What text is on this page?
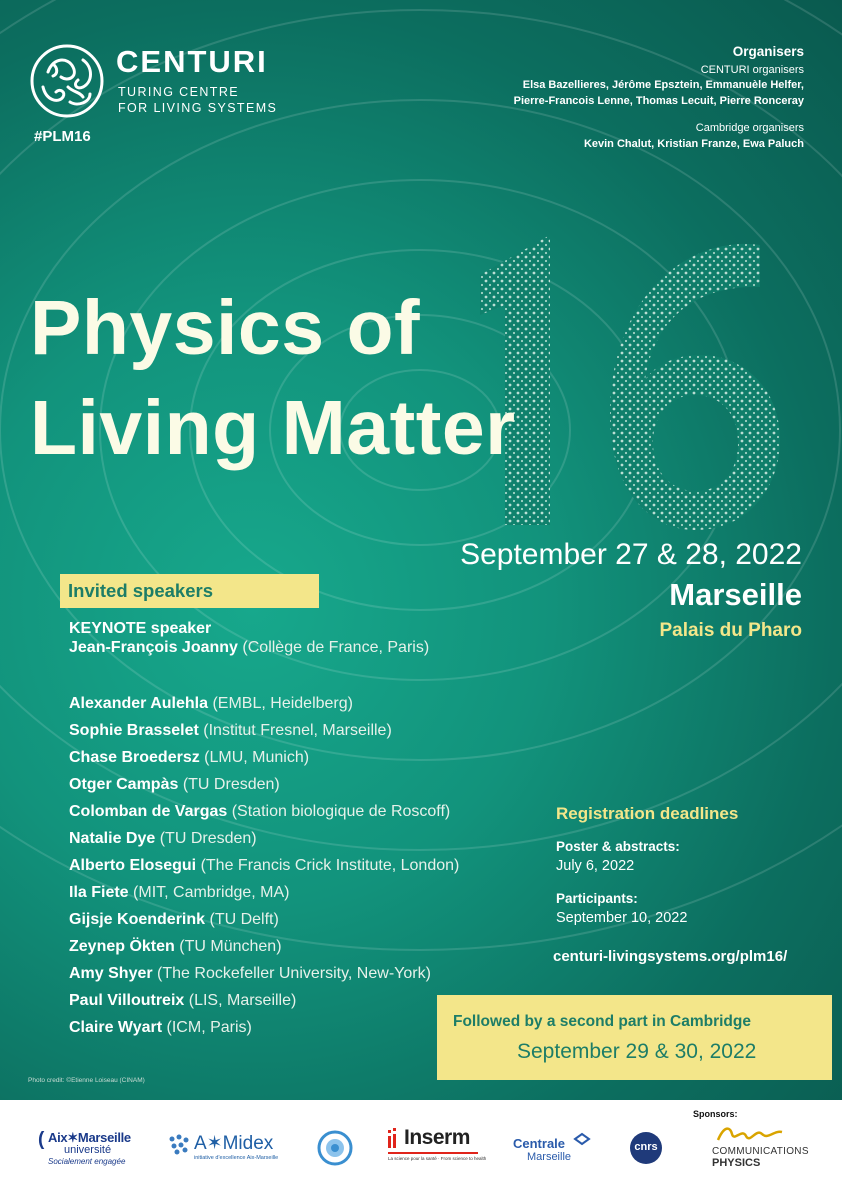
CENTURI
TURING CENTRE
FOR LIVING SYSTEMS
#PLM16
Organisers
CENTURI organisers
Elsa Bazellieres, Jérôme Epsztein, Emmanuèle Helfer,
Pierre-Francois Lenne, Thomas Lecuit, Pierre Ronceray
Cambridge organisers
Kevin Chalut, Kristian Franze, Ewa Paluch
Physics of
Living Matter
September 27 & 28, 2022
Marseille
Palais du Pharo
Invited speakers
KEYNOTE speaker
Jean-François Joanny (Collège de France, Paris)
Alexander Aulehla (EMBL, Heidelberg)
Sophie Brasselet (Institut Fresnel, Marseille)
Chase Broedersz (LMU, Munich)
Otger Campàs (TU Dresden)
Colomban de Vargas (Station biologique de Roscoff)
Natalie Dye (TU Dresden)
Alberto Elosegui (The Francis Crick Institute, London)
Ila Fiete (MIT, Cambridge, MA)
Gijsje Koenderink (TU Delft)
Zeynep Ökten (TU München)
Amy Shyer (The Rockefeller University, New-York)
Paul Villoutreix (LIS, Marseille)
Claire Wyart (ICM, Paris)
Registration deadlines
Poster & abstracts:
July 6, 2022
Participants:
September 10, 2022
centuri-livingsystems.org/plm16/
Followed by a second part in Cambridge
September 29 & 30, 2022
Photo credit: ©Etienne Loiseau (CINAM)
Sponsors:
( Aix✶Marseille
université
Socialement engagée
A✶Midex
initiative d'excellence Aix-Marseille
Inserm
La science pour la santé · From science to health
Centrale
Marseille
cnrs	COMMUNICATIONS
PHYSICS
